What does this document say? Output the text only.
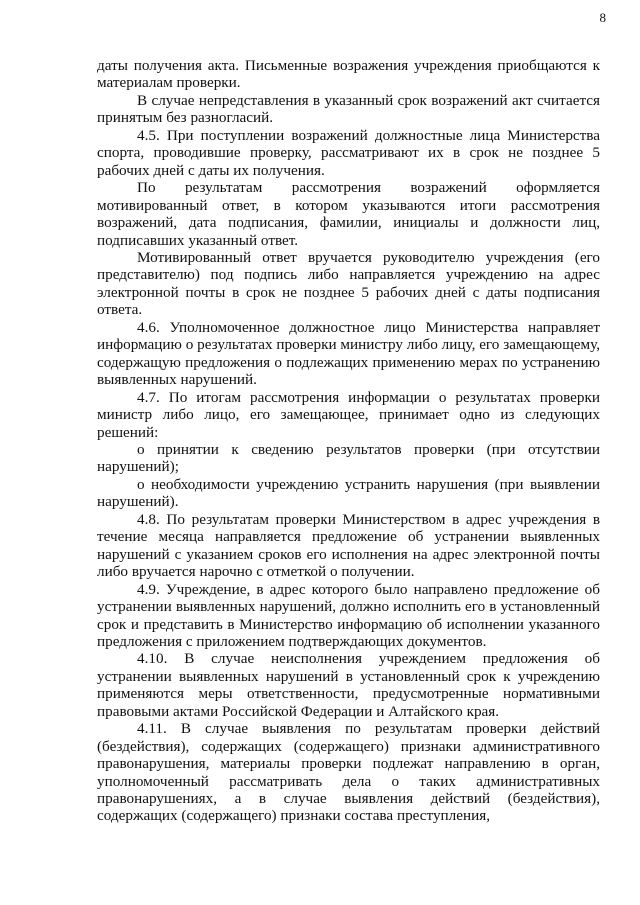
8

даты получения акта. Письменные возражения учреждения приобщаются к материалам проверки.

В случае непредставления в указанный срок возражений акт считается принятым без разногласий.

4.5. При поступлении возражений должностные лица Министерства спорта, проводившие проверку, рассматривают их в срок не позднее 5 рабочих дней с даты их получения.

По результатам рассмотрения возражений оформляется мотивированный ответ, в котором указываются итоги рассмотрения возражений, дата подписания, фамилии, инициалы и должности лиц, подписавших указанный ответ.

Мотивированный ответ вручается руководителю учреждения (его представителю) под подпись либо направляется учреждению на адрес электронной почты в срок не позднее 5 рабочих дней с даты подписания ответа.

4.6. Уполномоченное должностное лицо Министерства направляет информацию о результатах проверки министру либо лицу, его замещающему, содержащую предложения о подлежащих применению мерах по устранению выявленных нарушений.

4.7. По итогам рассмотрения информации о результатах проверки министр либо лицо, его замещающее, принимает одно из следующих решений:

о принятии к сведению результатов проверки (при отсутствии нарушений);

о необходимости учреждению устранить нарушения (при выявлении нарушений).

4.8. По результатам проверки Министерством в адрес учреждения в течение месяца направляется предложение об устранении выявленных нарушений с указанием сроков его исполнения на адрес электронной почты либо вручается нарочно с отметкой о получении.

4.9. Учреждение, в адрес которого было направлено предложение об устранении выявленных нарушений, должно исполнить его в установленный срок и представить в Министерство информацию об исполнении указанного предложения с приложением подтверждающих документов.

4.10. В случае неисполнения учреждением предложения об устранении выявленных нарушений в установленный срок к учреждению применяются меры ответственности, предусмотренные нормативными правовыми актами Российской Федерации и Алтайского края.

4.11. В случае выявления по результатам проверки действий (бездействия), содержащих (содержащего) признаки административного правонарушения, материалы проверки подлежат направлению в орган, уполномоченный рассматривать дела о таких административных правонарушениях, а в случае выявления действий (бездействия), содержащих (содержащего) признаки состава преступления,
